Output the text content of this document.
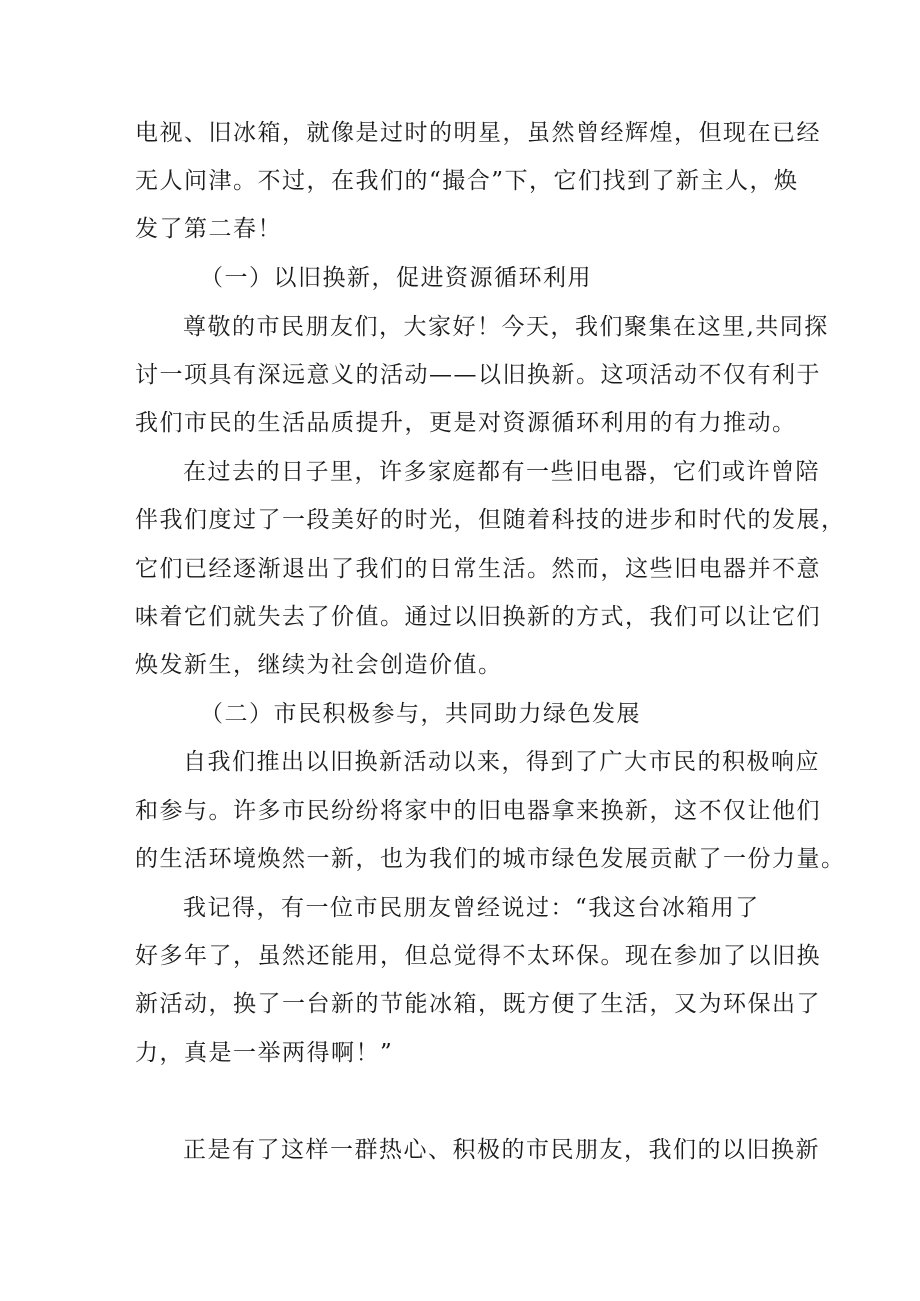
电视、旧冰箱，就像是过时的明星，虽然曾经辉煌，但现在已经
无人问津。不过，在我们的“撮合”下，它们找到了新主人，焕
发了第二春！
（一）以旧换新，促进资源循环利用
尊敬的市民朋友们，大家好！今天，我们聚集在这里,共同探
讨一项具有深远意义的活动——以旧换新。这项活动不仅有利于
我们市民的生活品质提升，更是对资源循环利用的有力推动。
在过去的日子里，许多家庭都有一些旧电器，它们或许曾陪
伴我们度过了一段美好的时光，但随着科技的进步和时代的发展，
它们已经逐渐退出了我们的日常生活。然而，这些旧电器并不意
味着它们就失去了价值。通过以旧换新的方式，我们可以让它们
焕发新生，继续为社会创造价值。
（二）市民积极参与，共同助力绿色发展
自我们推出以旧换新活动以来，得到了广大市民的积极响应
和参与。许多市民纷纷将家中的旧电器拿来换新，这不仅让他们
的生活环境焕然一新，也为我们的城市绿色发展贡献了一份力量。
我记得，有一位市民朋友曾经说过：“我这台冰箱用了
好多年了，虽然还能用，但总觉得不太环保。现在参加了以旧换
新活动，换了一台新的节能冰箱，既方便了生活，又为环保出了
力，真是一举两得啊！”
正是有了这样一群热心、积极的市民朋友，我们的以旧换新
